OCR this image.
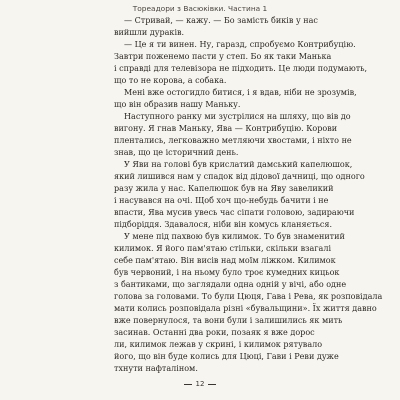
Тореадори з Васюківки. Частина 1
— Стривай, — кажу. — Бо замість биків у нас
вийшли дураків.
— Це я ти винен. Ну, гаразд, спробуємо Контрибуцію.
Завтри поженемо пасти у степ. Бо як таки Манька
і справді для телевізора не підходить. Це люди подумають,
що то не корова, а собака.
Мені вже остогидло битися, і я вдав, ніби не зрозумів,
що він образив нашу Маньку.
Наступного ранку ми зустрілися на шляху, що вів до
вигону. Я гнав Маньку, Ява — Контрибуцію. Корови
плентались, легковажно метляючи хвостами, і ніхто не
знав, що це історичний день.
У Яви на голові був крислатий дамський капелюшок,
який лишився нам у спадок від дідової дачниці, що одного
разу жила у нас. Капелюшок був на Яву завеликий
і насувався на очі. Щоб хоч що-небудь бачити і не
впасти, Ява мусив увесь час сіпати головою, задираючи
підборіддя. Здавалося, ніби він комусь кланяється.
У мене під пахвою був килимок. То був знаменитий
килимок. Я його пам'ятаю стільки, скільки взагалі
себе пам'ятаю. Він висів над моїм ліжком. Килимок
був червоний, і на ньому було троє кумедних кицьок
з бантиками, що заглядали одна одній у вічі, або одне
голова за головами. То були Цюця, Гава і Рева, як розповідала
мати колись розповідала різні «бувальщини». Їх життя давно
вже повернулося, та вони були і залишились як мить
засинав. Останні два роки, позаяк я вже дорос
ли, килимок лежав у скрині, і килимок рятувало
його, що він буде колись для Цюці, Гави і Реви дуже
тхнути нафталіном.
12
